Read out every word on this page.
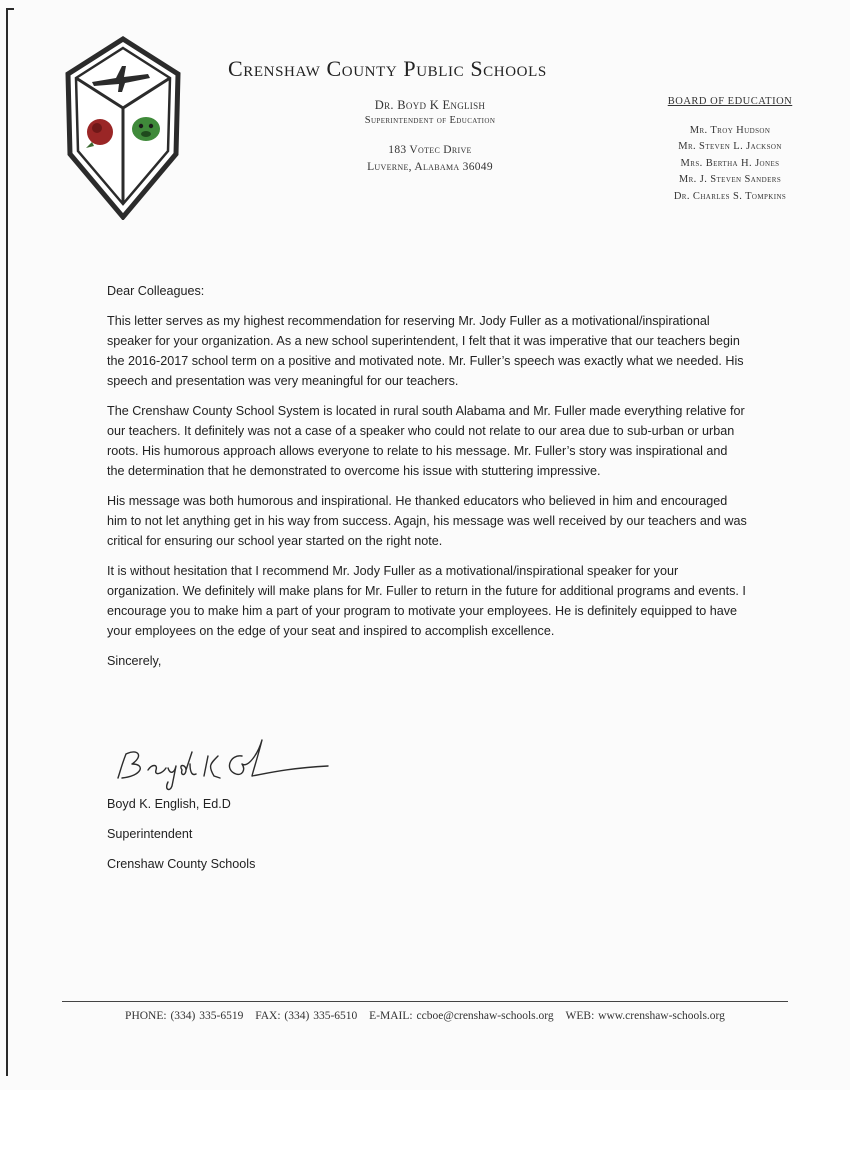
Crenshaw County Public Schools
Dr. Boyd K English
Superintendent of Education
183 Votec Drive
Luverne, Alabama 36049
BOARD OF EDUCATION
Mr. Troy Hudson
Mr. Steven L. Jackson
Mrs. Bertha H. Jones
Mr. J. Steven Sanders
Dr. Charles S. Tompkins

Dear Colleagues:

This letter serves as my highest recommendation for reserving Mr. Jody Fuller as a motivational/inspirational speaker for your organization. As a new school superintendent, I felt that it was imperative that our teachers begin the 2016-2017 school term on a positive and motivated note. Mr. Fuller’s speech was exactly what we needed. His speech and presentation was very meaningful for our teachers.

The Crenshaw County School System is located in rural south Alabama and Mr. Fuller made everything relative for our teachers. It definitely was not a case of a speaker who could not relate to our area due to sub-urban or urban roots. His humorous approach allows everyone to relate to his message. Mr. Fuller’s story was inspirational and the determination that he demonstrated to overcome his issue with stuttering impressive.

His message was both humorous and inspirational. He thanked educators who believed in him and encouraged him to not let anything get in his way from success. Agajn, his message was well received by our teachers and was critical for ensuring our school year started on the right note.

It is without hesitation that I recommend Mr. Jody Fuller as a motivational/inspirational speaker for your organization. We definitely will make plans for Mr. Fuller to return in the future for additional programs and events. I encourage you to make him a part of your program to motivate your employees. He is definitely equipped to have your employees on the edge of your seat and inspired to accomplish excellence.

Sincerely,

Boyd K. English, Ed.D
Superintendent
Crenshaw County Schools
PHONE: (334) 335-6519 FAX: (334) 335-6510 E-MAIL: ccboe@crenshaw-schools.org WEB: www.crenshaw-schools.org
